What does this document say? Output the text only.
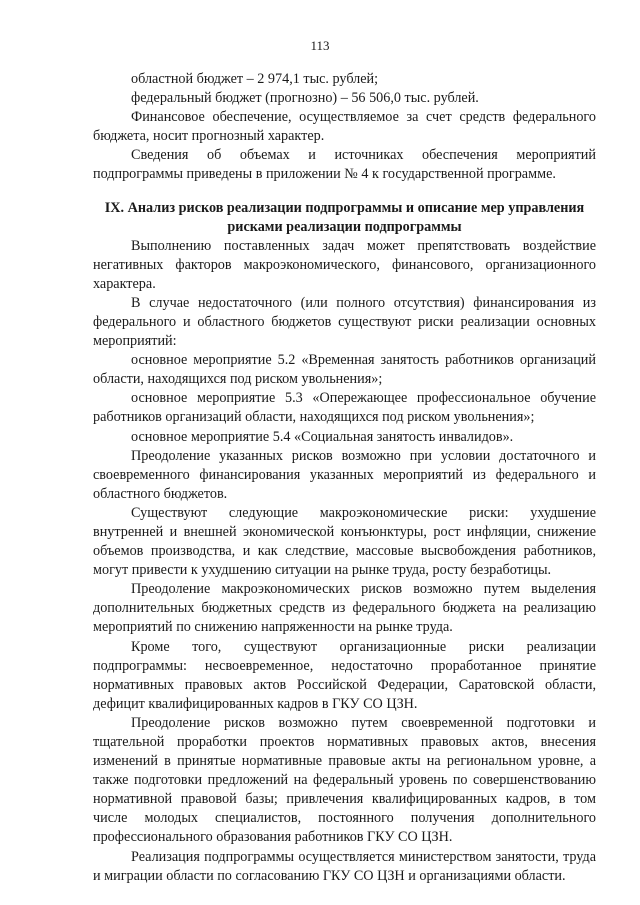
113

областной бюджет – 2 974,1 тыс. рублей;

федеральный бюджет (прогнозно) – 56 506,0 тыс. рублей.

Финансовое обеспечение, осуществляемое за счет средств федерального бюджета, носит прогнозный характер.

Сведения об объемах и источниках обеспечения мероприятий подпрограммы приведены в приложении № 4 к государственной программе.

IX. Анализ рисков реализации подпрограммы и описание мер управления рисками реализации подпрограммы

Выполнению поставленных задач может препятствовать воздействие негативных факторов макроэкономического, финансового, организационного характера.

В случае недостаточного (или полного отсутствия) финансирования из федерального и областного бюджетов существуют риски реализации основных мероприятий:

основное мероприятие 5.2 «Временная занятость работников организаций области, находящихся под риском увольнения»;

основное мероприятие 5.3 «Опережающее профессиональное обучение работников организаций области, находящихся под риском увольнения»;

основное мероприятие 5.4 «Социальная занятость инвалидов».

Преодоление указанных рисков возможно при условии достаточного и своевременного финансирования указанных мероприятий из федерального и областного бюджетов.

Существуют следующие макроэкономические риски: ухудшение внутренней и внешней экономической конъюнктуры, рост инфляции, снижение объемов производства, и как следствие, массовые высвобождения работников, могут привести к ухудшению ситуации на рынке труда, росту безработицы.

Преодоление макроэкономических рисков возможно путем выделения дополнительных бюджетных средств из федерального бюджета на реализацию мероприятий по снижению напряженности на рынке труда.

Кроме того, существуют организационные риски реализации подпрограммы: несвоевременное, недостаточно проработанное принятие нормативных правовых актов Российской Федерации, Саратовской области, дефицит квалифицированных кадров в ГКУ СО ЦЗН.

Преодоление рисков возможно путем своевременной подготовки и тщательной проработки проектов нормативных правовых актов, внесения изменений в принятые нормативные правовые акты на региональном уровне, а также подготовки предложений на федеральный уровень по совершенствованию нормативной правовой базы; привлечения квалифицированных кадров, в том числе молодых специалистов, постоянного получения дополнительного профессионального образования работников ГКУ СО ЦЗН.

Реализация подпрограммы осуществляется министерством занятости, труда и миграции области по согласованию ГКУ СО ЦЗН и организациями области.
